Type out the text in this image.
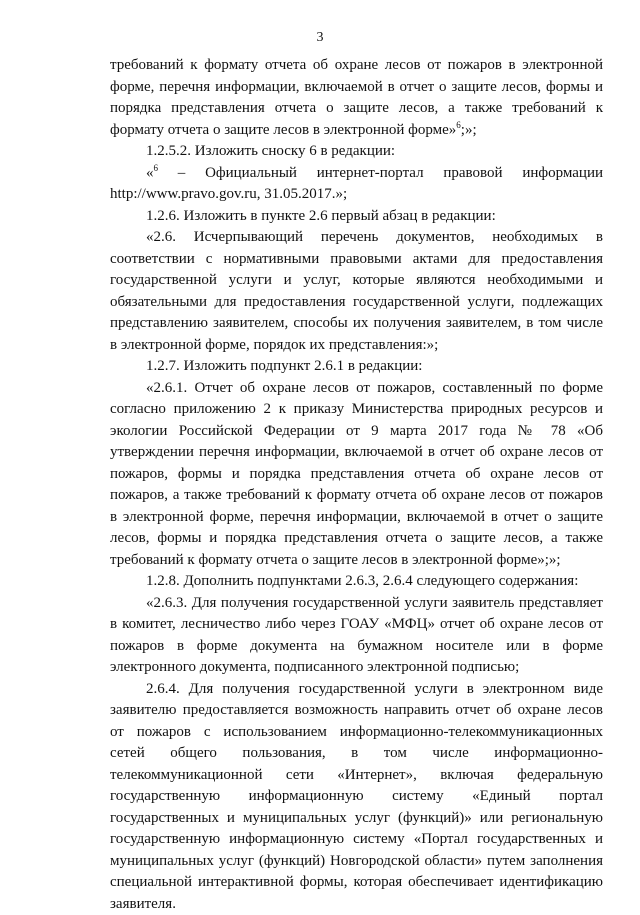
3

требований к формату отчета об охране лесов от пожаров в электронной форме, перечня информации, включаемой в отчет о защите лесов, формы и порядка представления отчета о защите лесов, а также требований к формату отчета о защите лесов в электронной форме»$^6$;»;

1.2.5.2. Изложить сноску 6 в редакции:

«$^6$ – Официальный интернет-портал правовой информации http://www.pravo.gov.ru, 31.05.2017.»;

1.2.6. Изложить в пункте 2.6 первый абзац в редакции:

«2.6. Исчерпывающий перечень документов, необходимых в соответствии с нормативными правовыми актами для предоставления государственной услуги и услуг, которые являются необходимыми и обязательными для предоставления государственной услуги, подлежащих представлению заявителем, способы их получения заявителем, в том числе в электронной форме, порядок их представления:»;

1.2.7. Изложить подпункт 2.6.1 в редакции:

«2.6.1. Отчет об охране лесов от пожаров, составленный по форме согласно приложению 2 к приказу Министерства природных ресурсов и экологии Российской Федерации от 9 марта 2017 года № 78 «Об утверждении перечня информации, включаемой в отчет об охране лесов от пожаров, формы и порядка представления отчета об охране лесов от пожаров, а также требований к формату отчета об охране лесов от пожаров в электронной форме, перечня информации, включаемой в отчет о защите лесов, формы и порядка представления отчета о защите лесов, а также требований к формату отчета о защите лесов в электронной форме»;»;

1.2.8. Дополнить подпунктами 2.6.3, 2.6.4 следующего содержания:

«2.6.3. Для получения государственной услуги заявитель представляет в комитет, лесничество либо через ГОАУ «МФЦ» отчет об охране лесов от пожаров в форме документа на бумажном носителе или в форме электронного документа, подписанного электронной подписью;

2.6.4. Для получения государственной услуги в электронном виде заявителю предоставляется возможность направить отчет об охране лесов от пожаров с использованием информационно-телекоммуникационных сетей общего пользования, в том числе информационно-телекоммуникационной сети «Интернет», включая федеральную государственную информационную систему «Единый портал государственных и муниципальных услуг (функций)» или региональную государственную информационную систему «Портал государственных и муниципальных услуг (функций) Новгородской области» путем заполнения специальной интерактивной формы, которая обеспечивает идентификацию заявителя.
